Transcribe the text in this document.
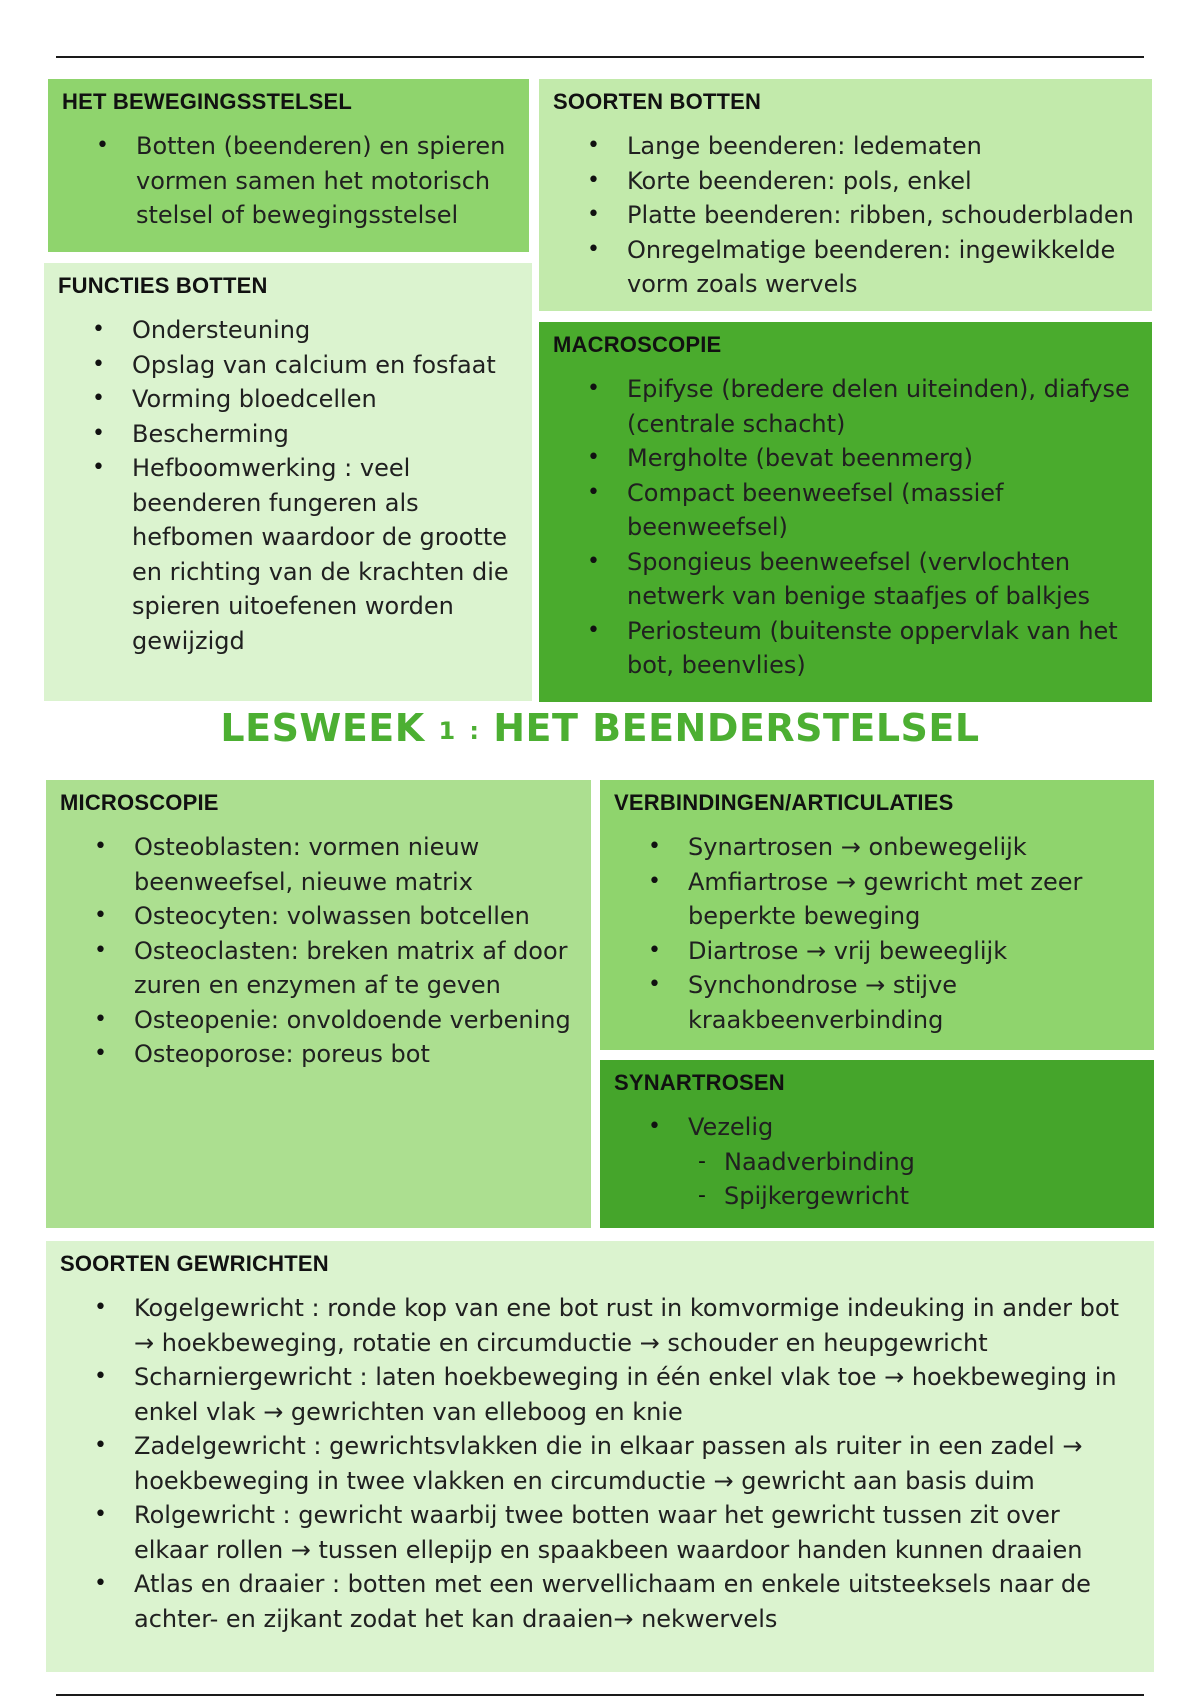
HET BEWEGINGSSTELSEL
• Botten (beenderen) en spieren vormen samen het motorisch stelsel of bewegingsstelsel
SOORTEN BOTTEN
• Lange beenderen: ledematen
• Korte beenderen: pols, enkel
• Platte beenderen: ribben, schouderbladen
• Onregelmatige beenderen: ingewikkelde vorm zoals wervels
FUNCTIES BOTTEN
• Ondersteuning
• Opslag van calcium en fosfaat
• Vorming bloedcellen
• Bescherming
• Hefboomwerking : veel beenderen fungeren als hefbomen waardoor de grootte en richting van de krachten die spieren uitoefenen worden gewijzigd
MACROSCOPIE
• Epifyse (bredere delen uiteinden), diafyse (centrale schacht)
• Mergholte (bevat beenmerg)
• Compact beenweefsel (massief beenweefsel)
• Spongieus beenweefsel (vervlochten netwerk van benige staafjes of balkjes
• Periosteum (buitenste oppervlak van het bot, beenvlies)
LESWEEK 1 : HET BEENDERSTELSEL
MICROSCOPIE
• Osteoblasten: vormen nieuw beenweefsel, nieuwe matrix
• Osteocyten: volwassen botcellen
• Osteoclasten: breken matrix af door zuren en enzymen af te geven
• Osteopenie: onvoldoende verbening
• Osteoporose: poreus bot
VERBINDINGEN/ARTICULATIES
• Synartrosen → onbewegelijk
• Amfiartrose → gewricht met zeer beperkte beweging
• Diartrose → vrij beweeglijk
• Synchondrose → stijve kraakbeenverbinding
SYNARTROSEN
• Vezelig
- Naadverbinding
- Spijkergewricht
SOORTEN GEWRICHTEN
• Kogelgewricht : ronde kop van ene bot rust in komvormige indeuking in ander bot → hoekbeweging, rotatie en circumductie → schouder en heupgewricht
• Scharniergewricht : laten hoekbeweging in één enkel vlak toe → hoekbeweging in enkel vlak → gewrichten van elleboog en knie
• Zadelgewricht : gewrichtsvlakken die in elkaar passen als ruiter in een zadel → hoekbeweging in twee vlakken en circumductie → gewricht aan basis duim
• Rolgewricht : gewricht waarbij twee botten waar het gewricht tussen zit over elkaar rollen → tussen ellepijp en spaakbeen waardoor handen kunnen draaien
• Atlas en draaier : botten met een wervellichaam en enkele uitsteeksels naar de achter- en zijkant zodat het kan draaien→ nekwervels
